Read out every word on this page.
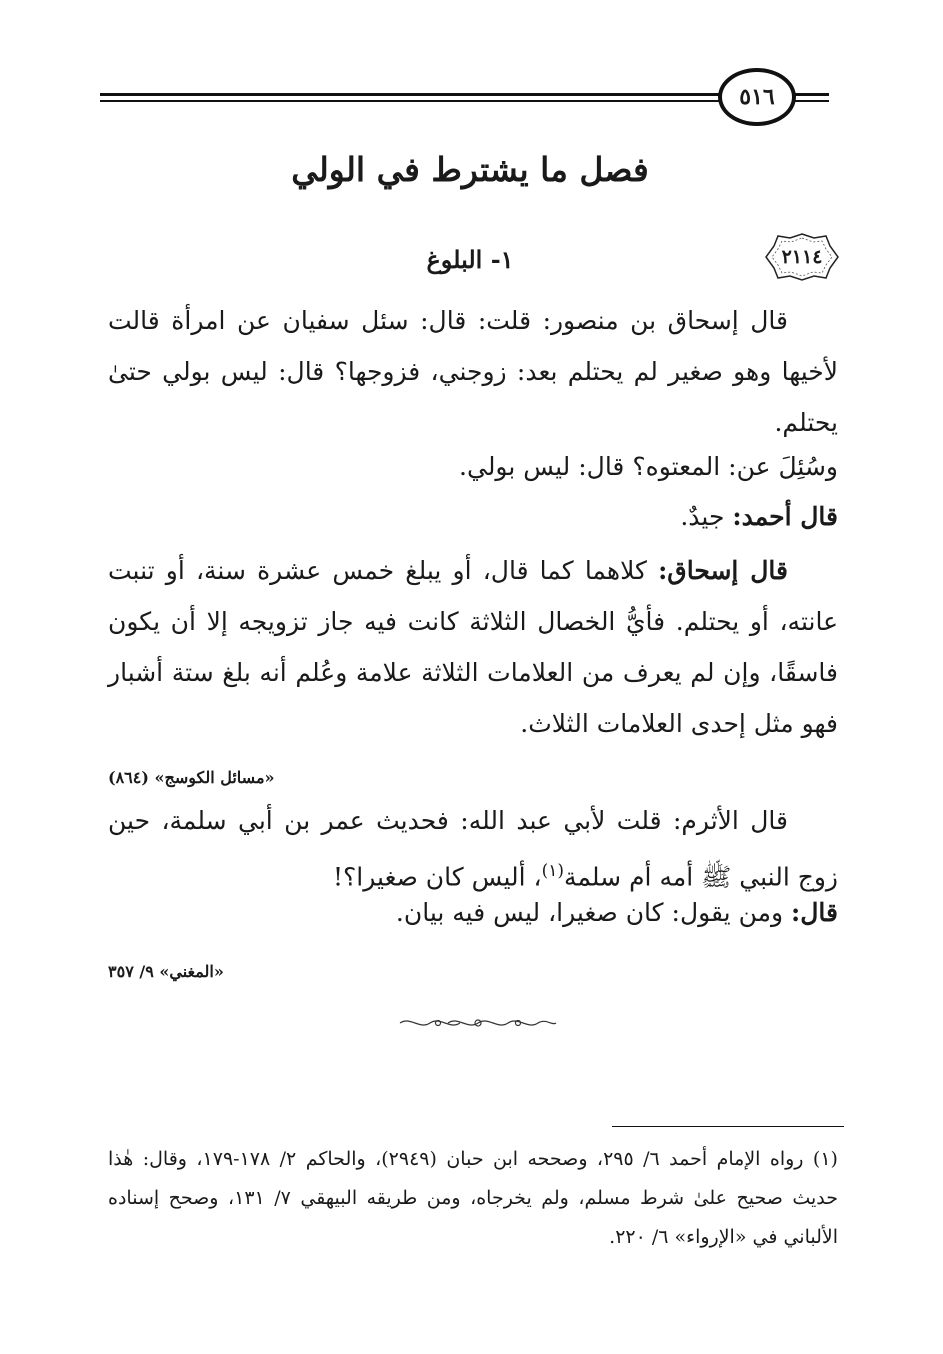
٥١٦
فصل ما يشترط في الولي
٢١١٤
١- البلوغ
قال إسحاق بن منصور: قلت: قال: سئل سفيان عن امرأة قالت لأخيها وهو صغير لم يحتلم بعد: زوجني، فزوجها؟ قال: ليس بولي حتىٰ يحتلم.
وسُئِلَ عن: المعتوه؟ قال: ليس بولي.
قال أحمد: جيدٌ.
قال إسحاق: كلاهما كما قال، أو يبلغ خمس عشرة سنة، أو تنبت عانته، أو يحتلم. فأيُّ الخصال الثلاثة كانت فيه جاز تزويجه إلا أن يكون فاسقًا، وإن لم يعرف من العلامات الثلاثة علامة وعُلم أنه بلغ ستة أشبار فهو مثل إحدى العلامات الثلاث.
«مسائل الكوسج» (٨٦٤)
قال الأثرم: قلت لأبي عبد الله: فحديث عمر بن أبي سلمة، حين زوج النبي ﷺ أمه أم سلمة$^{(١)}$، أليس كان صغيرا؟!
قال: ومن يقول: كان صغيرا، ليس فيه بيان.
«المغني» ٩/ ٣٥٧
(١) رواه الإمام أحمد ٦/ ٢٩٥، وصححه ابن حبان (٢٩٤٩)، والحاكم ٢/ ١٧٨-١٧٩، وقال: هٰذا حديث صحيح علىٰ شرط مسلم، ولم يخرجاه، ومن طريقه البيهقي ٧/ ١٣١، وصحح إسناده الألباني في «الإرواء» ٦/ ٢٢٠.
